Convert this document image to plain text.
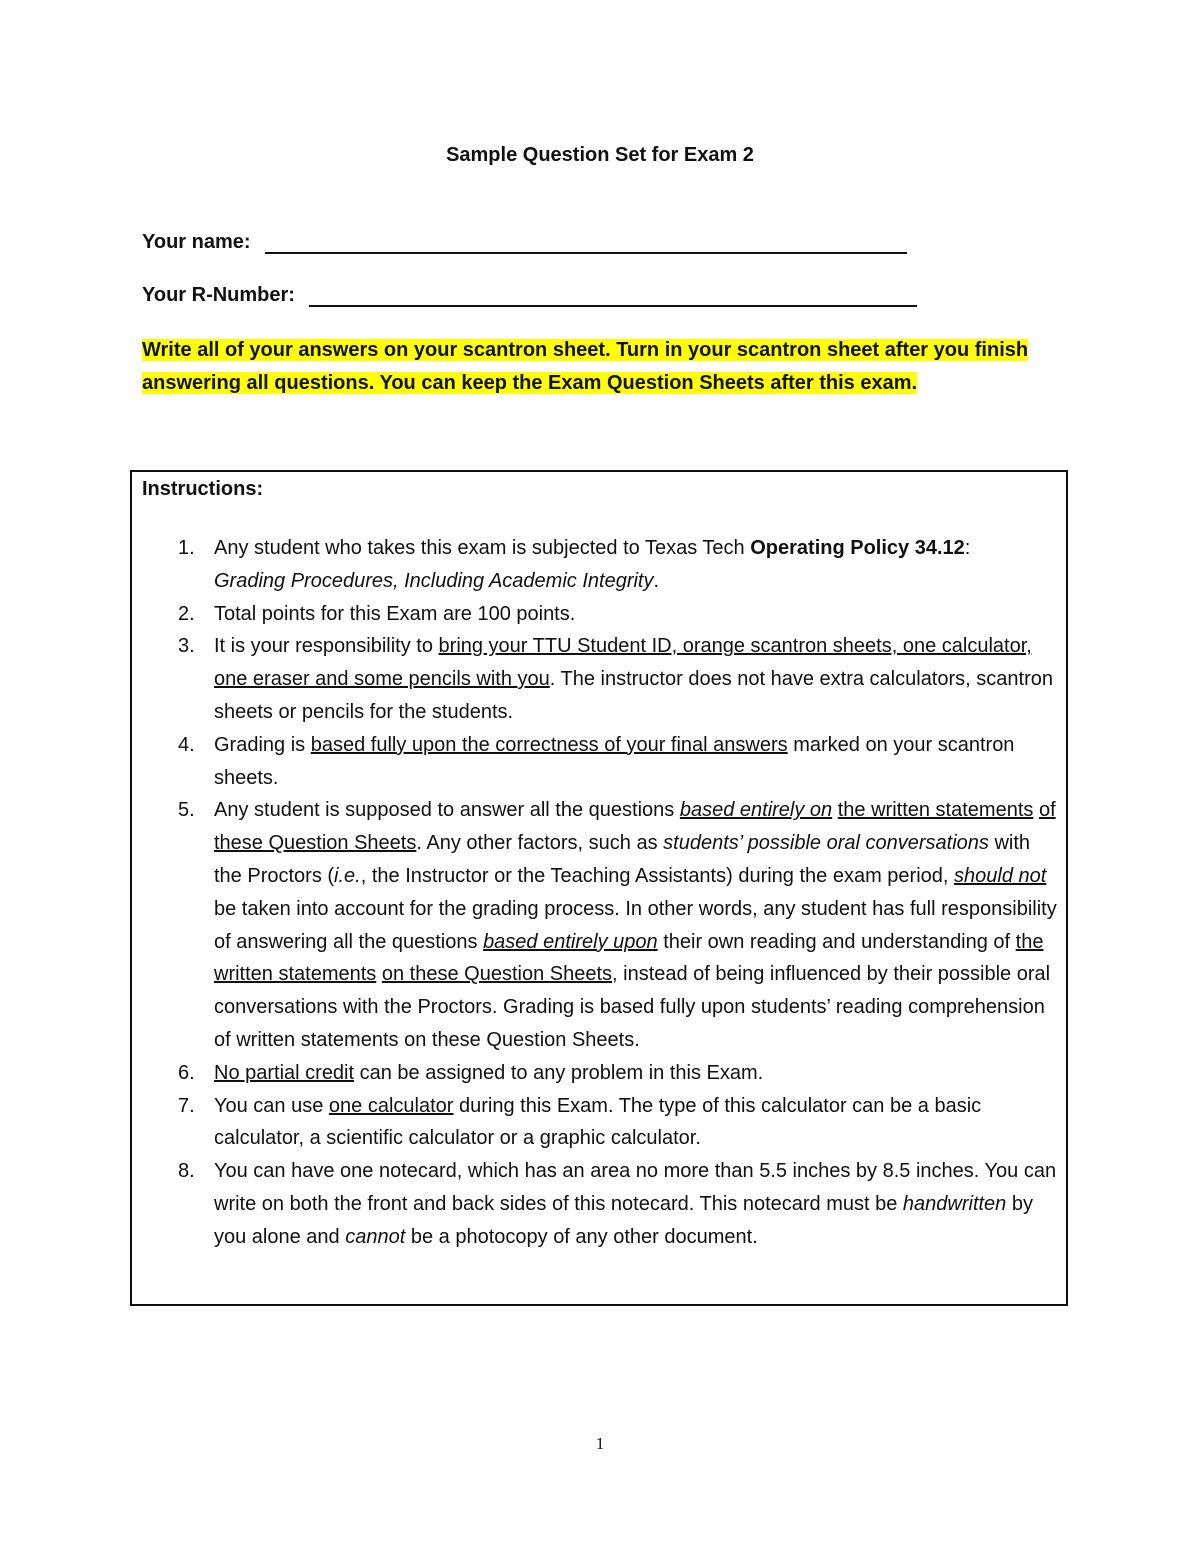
Sample Question Set for Exam 2
Your name:
Your R-Number:
Write all of your answers on your scantron sheet. Turn in your scantron sheet after you finish
answering all questions. You can keep the Exam Question Sheets after this exam.
Instructions:
1. Any student who takes this exam is subjected to Texas Tech Operating Policy 34.12:
Grading Procedures, Including Academic Integrity.
2. Total points for this Exam are 100 points.
3. It is your responsibility to bring your TTU Student ID, orange scantron sheets, one calculator, one eraser and some pencils with you. The instructor does not have extra calculators, scantron sheets or pencils for the students.
4. Grading is based fully upon the correctness of your final answers marked on your scantron sheets.
5. Any student is supposed to answer all the questions based entirely on the written statements of these Question Sheets. Any other factors, such as students’ possible oral conversations with the Proctors (i.e., the Instructor or the Teaching Assistants) during the exam period, should not be taken into account for the grading process. In other words, any student has full responsibility of answering all the questions based entirely upon their own reading and understanding of the written statements on these Question Sheets, instead of being influenced by their possible oral conversations with the Proctors. Grading is based fully upon students’ reading comprehension of written statements on these Question Sheets.
6. No partial credit can be assigned to any problem in this Exam.
7. You can use one calculator during this Exam. The type of this calculator can be a basic calculator, a scientific calculator or a graphic calculator.
8. You can have one notecard, which has an area no more than 5.5 inches by 8.5 inches. You can write on both the front and back sides of this notecard. This notecard must be handwritten by you alone and cannot be a photocopy of any other document.
1
